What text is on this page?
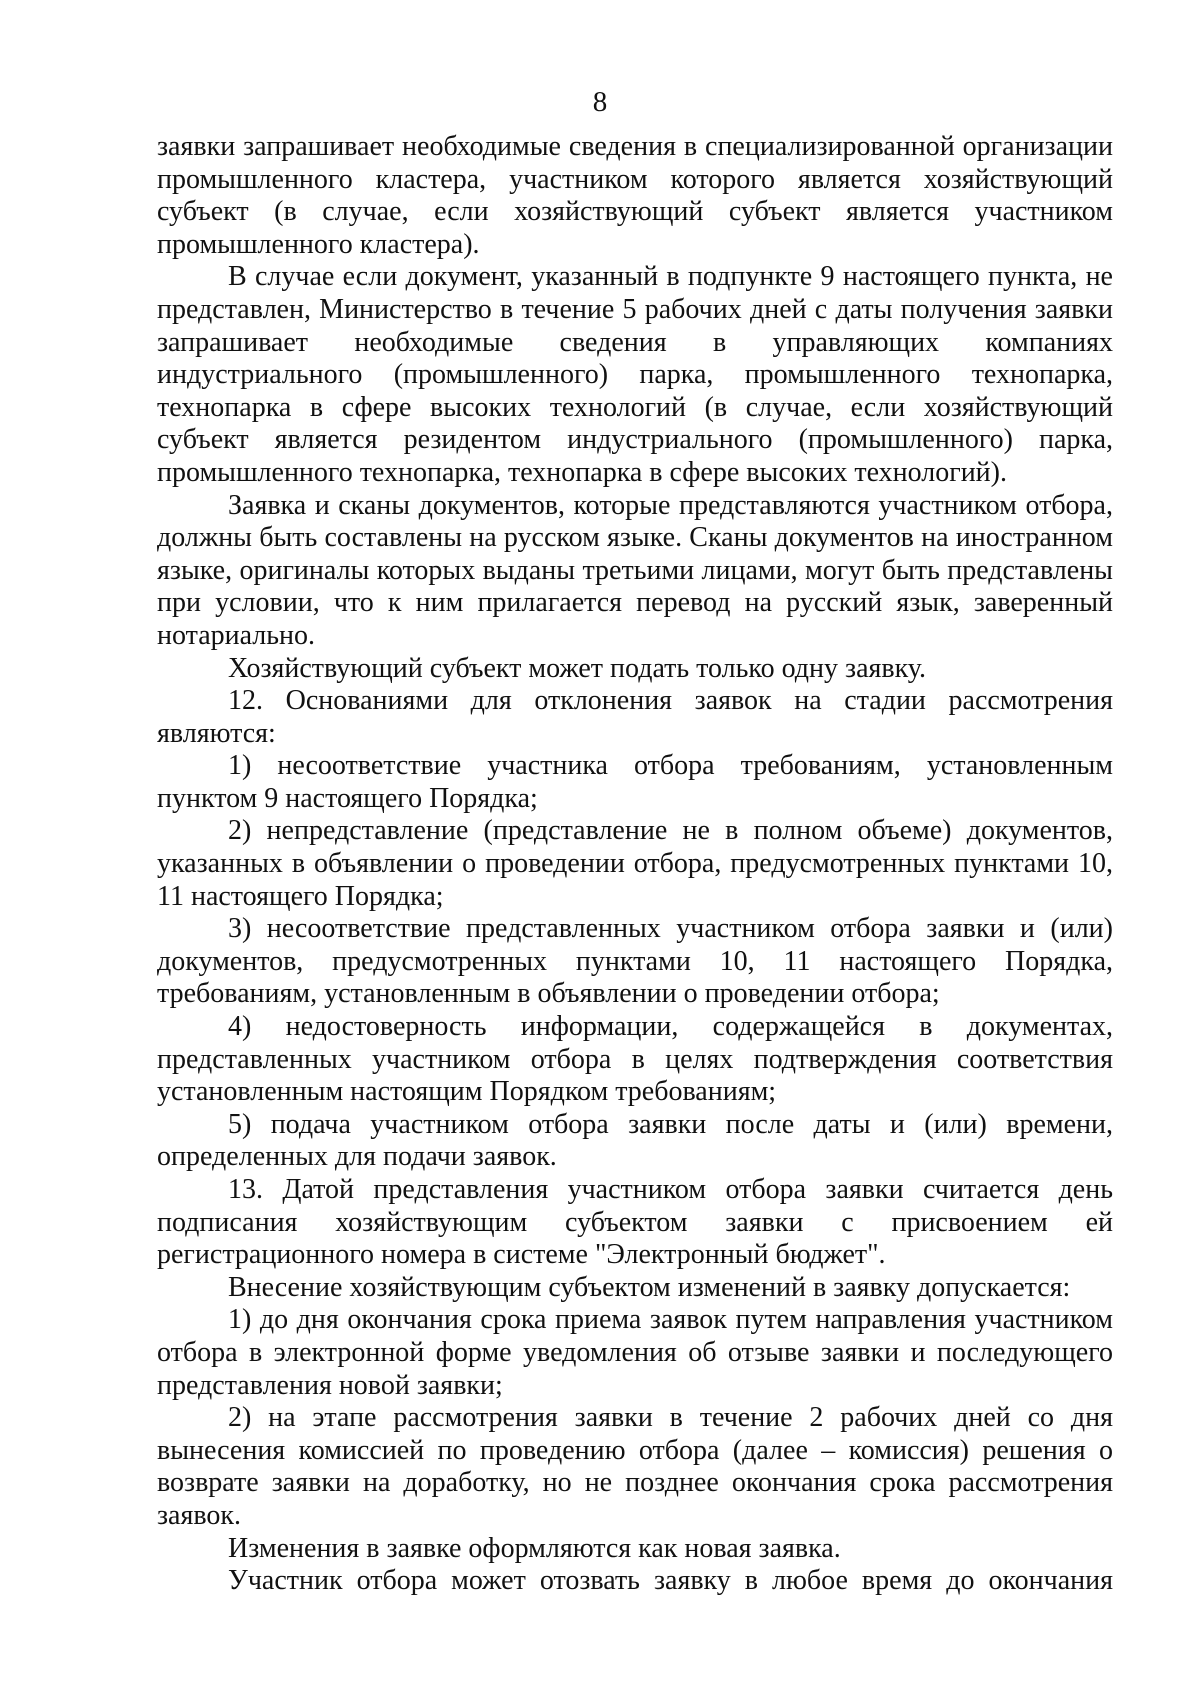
8

заявки запрашивает необходимые сведения в специализированной организации промышленного кластера, участником которого является хозяйствующий субъект (в случае, если хозяйствующий субъект является участником промышленного кластера).

В случае если документ, указанный в подпункте 9 настоящего пункта, не представлен, Министерство в течение 5 рабочих дней с даты получения заявки запрашивает необходимые сведения в управляющих компаниях индустриального (промышленного) парка, промышленного технопарка, технопарка в сфере высоких технологий (в случае, если хозяйствующий субъект является резидентом индустриального (промышленного) парка, промышленного технопарка, технопарка в сфере высоких технологий).

Заявка и сканы документов, которые представляются участником отбора, должны быть составлены на русском языке. Сканы документов на иностранном языке, оригиналы которых выданы третьими лицами, могут быть представлены при условии, что к ним прилагается перевод на русский язык, заверенный нотариально.

Хозяйствующий субъект может подать только одну заявку.

12. Основаниями для отклонения заявок на стадии рассмотрения являются:

1) несоответствие участника отбора требованиям, установленным пунктом 9 настоящего Порядка;

2) непредставление (представление не в полном объеме) документов, указанных в объявлении о проведении отбора, предусмотренных пунктами 10, 11 настоящего Порядка;

3) несоответствие представленных участником отбора заявки и (или) документов, предусмотренных пунктами 10, 11 настоящего Порядка, требованиям, установленным в объявлении о проведении отбора;

4) недостоверность информации, содержащейся в документах, представленных участником отбора в целях подтверждения соответствия установленным настоящим Порядком требованиям;

5) подача участником отбора заявки после даты и (или) времени, определенных для подачи заявок.

13. Датой представления участником отбора заявки считается день подписания хозяйствующим субъектом заявки с присвоением ей регистрационного номера в системе "Электронный бюджет".

Внесение хозяйствующим субъектом изменений в заявку допускается:

1) до дня окончания срока приема заявок путем направления участником отбора в электронной форме уведомления об отзыве заявки и последующего представления новой заявки;

2) на этапе рассмотрения заявки в течение 2 рабочих дней со дня вынесения комиссией по проведению отбора (далее – комиссия) решения о возврате заявки на доработку, но не позднее окончания срока рассмотрения заявок.

Изменения в заявке оформляются как новая заявка.

Участник отбора может отозвать заявку в любое время до окончания
